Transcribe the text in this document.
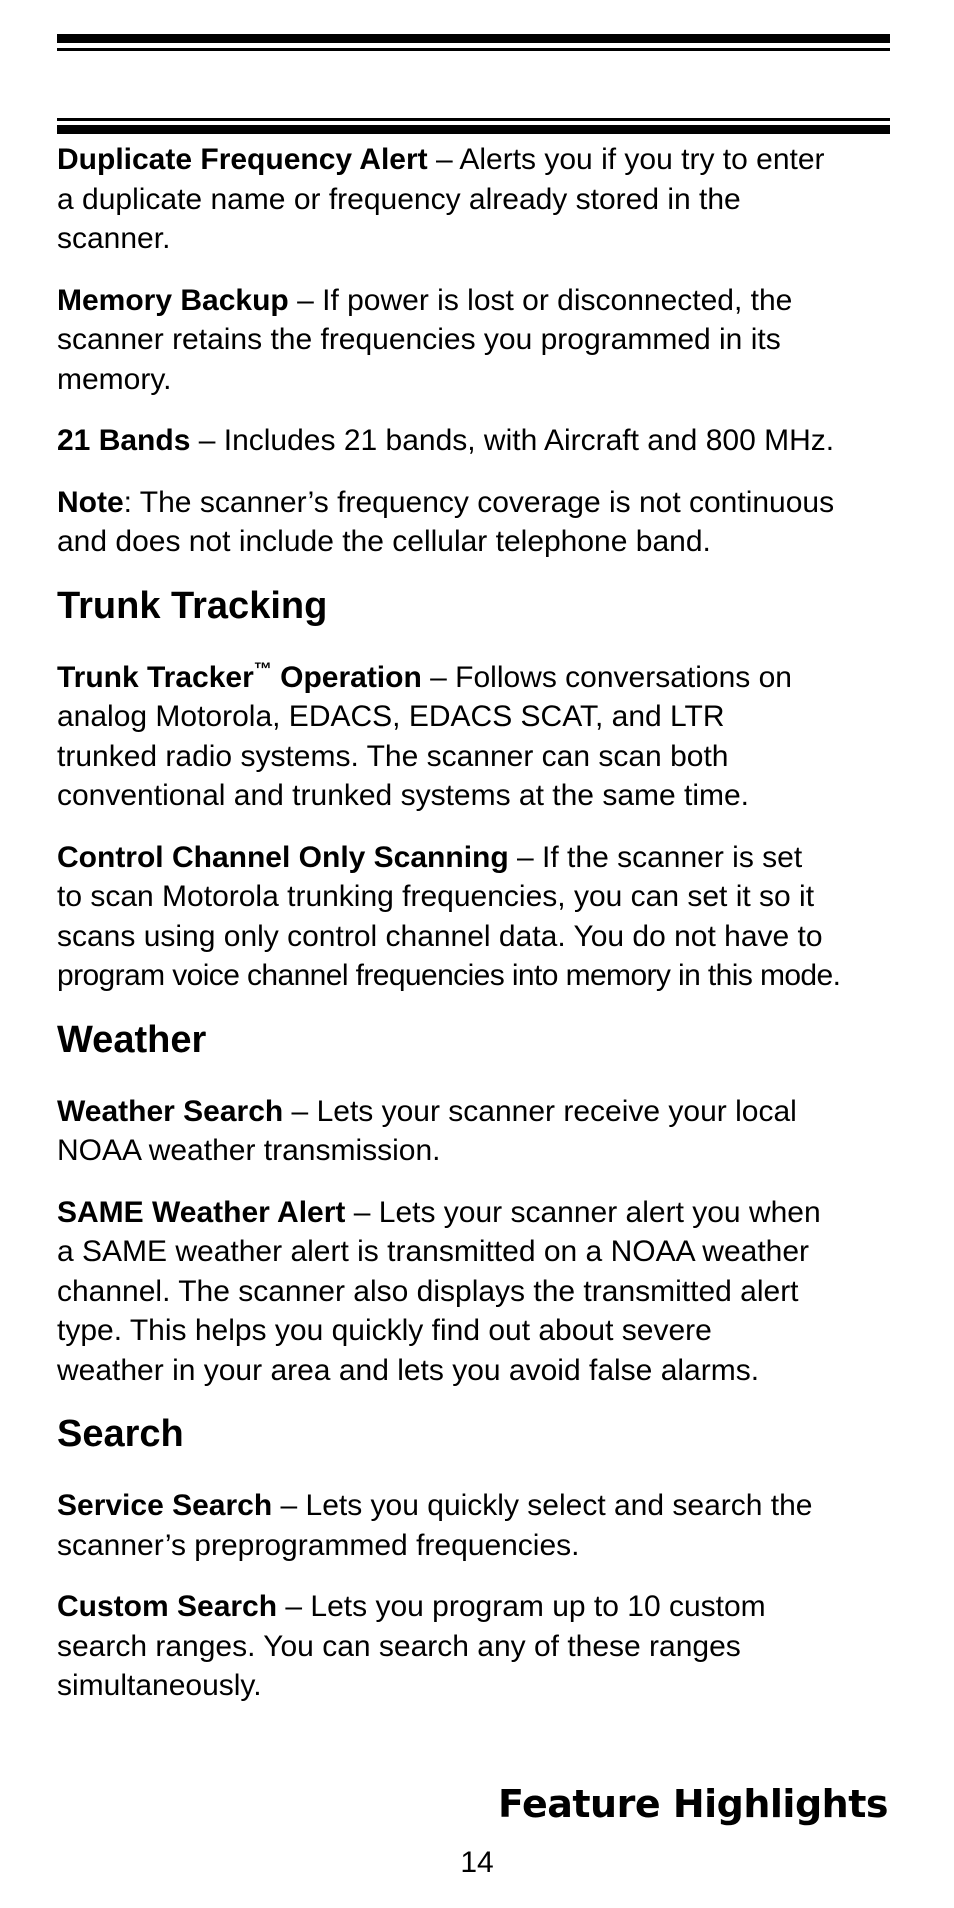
Duplicate Frequency Alert – Alerts you if you try to enter
a duplicate name or frequency already stored in the
scanner.

Memory Backup – If power is lost or disconnected, the
scanner retains the frequencies you programmed in its
memory.

21 Bands – Includes 21 bands, with Aircraft and 800 MHz.

Note: The scanner’s frequency coverage is not continuous
and does not include the cellular telephone band.

Trunk Tracking

Trunk Tracker™ Operation – Follows conversations on
analog Motorola, EDACS, EDACS SCAT, and LTR
trunked radio systems. The scanner can scan both
conventional and trunked systems at the same time.

Control Channel Only Scanning – If the scanner is set
to scan Motorola trunking frequencies, you can set it so it
scans using only control channel data. You do not have to
program voice channel frequencies into memory in this mode.

Weather

Weather Search – Lets your scanner receive your local
NOAA weather transmission.

SAME Weather Alert – Lets your scanner alert you when
a SAME weather alert is transmitted on a NOAA weather
channel. The scanner also displays the transmitted alert
type. This helps you quickly find out about severe
weather in your area and lets you avoid false alarms.

Search

Service Search – Lets you quickly select and search the
scanner’s preprogrammed frequencies.

Custom Search – Lets you program up to 10 custom
search ranges. You can search any of these ranges
simultaneously.

Feature Highlights
14
